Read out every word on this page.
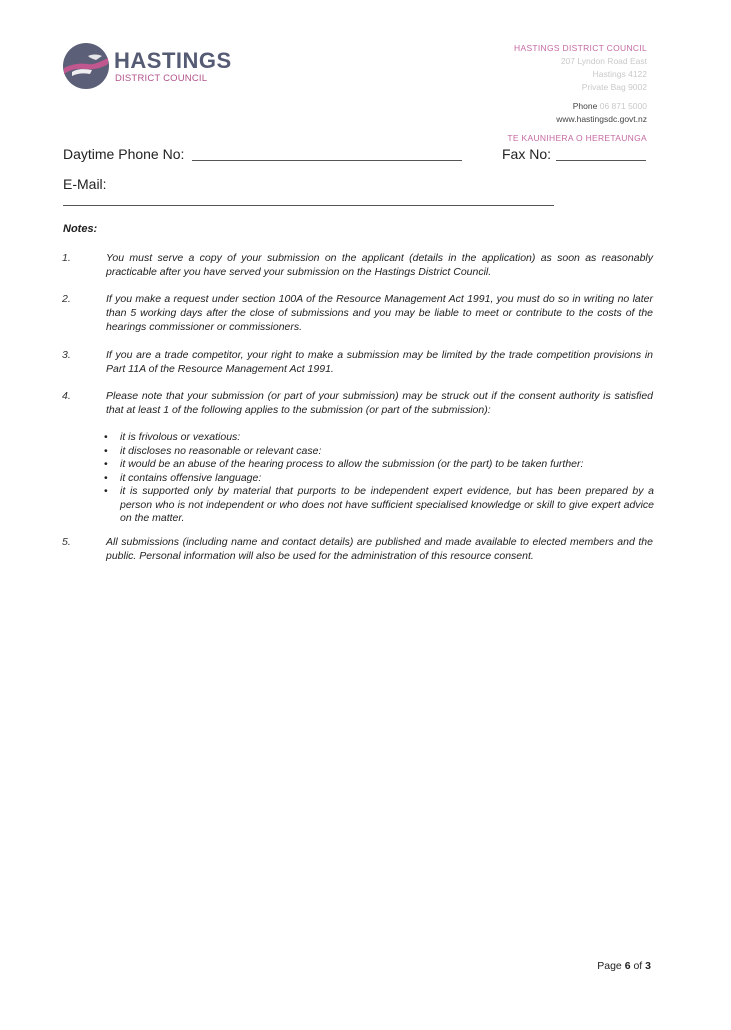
HASTINGS
DISTRICT COUNCIL
HASTINGS DISTRICT COUNCIL
207 Lyndon Road East
Hastings 4122
Private Bag 9002
Phone 06 871 5000
www.hastingsdc.govt.nz
TE KAUNIHERA O HERETAUNGA
Daytime Phone No:	Fax No:
E-Mail:
Notes:
1.	You must serve a copy of your submission on the applicant (details in the application) as soon as reasonably practicable after you have served your submission on the Hastings District Council.
2.	If you make a request under section 100A of the Resource Management Act 1991, you must do so in writing no later than 5 working days after the close of submissions and you may be liable to meet or contribute to the costs of the hearings commissioner or commissioners.
3.	If you are a trade competitor, your right to make a submission may be limited by the trade competition provisions in Part 11A of the Resource Management Act 1991.
4.	Please note that your submission (or part of your submission) may be struck out if the consent authority is satisfied that at least 1 of the following applies to the submission (or part of the submission):
• it is frivolous or vexatious:
• it discloses no reasonable or relevant case:
• it would be an abuse of the hearing process to allow the submission (or the part) to be taken further:
• it contains offensive language:
• it is supported only by material that purports to be independent expert evidence, but has been prepared by a person who is not independent or who does not have sufficient specialised knowledge or skill to give expert advice on the matter.
5.	All submissions (including name and contact details) are published and made available to elected members and the public. Personal information will also be used for the administration of this resource consent.
Page 6 of 3
